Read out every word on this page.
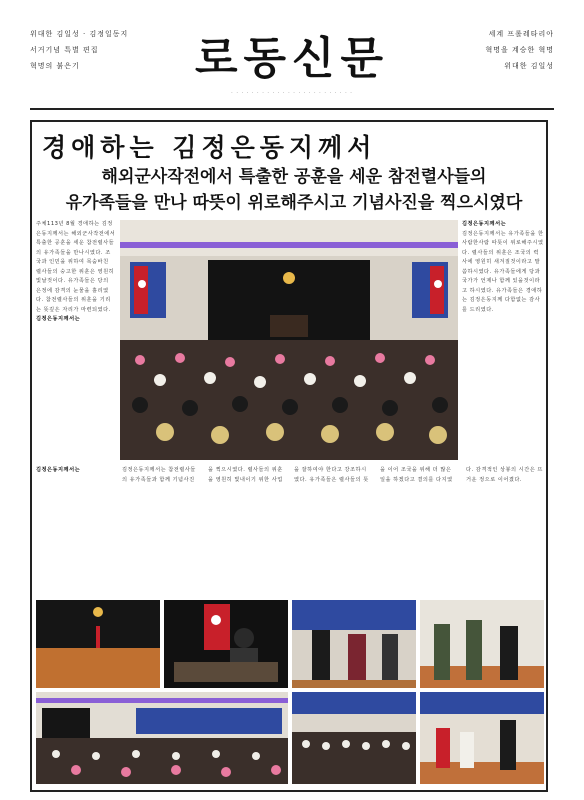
위대한 김일성 · 김정일동지
서거기념 특별 편집
혁명의 붉은기	로동신문
· · · · · · · · · · · · · · · · · · · · · · · ·
세계 프롤레타리아
혁명을 계승한 혁명
위대한 김일성
경애하는 김정은동지께서
해외군사작전에서 특출한 공훈을 세운 참전렬사들의
유가족들을 만나 따뜻이 위로해주시고 기념사진을 찍으시였다

주체113년 8월 경애하는 김정은동지께서는 해외군사작전에서 특출한 공훈을 세운 참전렬사들의 유가족들을 만나시였다. 조국과 인민을 위하여 목숨바친 렬사들의 숭고한 위훈은 영원히 빛날것이다. 유가족들은 당의 은정에 감격의 눈물을 흘리였다. 참전렬사들의 위훈을 기리는 뜻깊은 자리가 마련되였다.

김정은동지께서는

김정은동지께서는

김정은동지께서는 유가족들을 한사람한사람 따뜻이 위로해주시였다. 렬사들의 위훈은 조국의 력사에 영원히 새겨질것이라고 말씀하시였다. 유가족들에게 당과 국가가 언제나 함께 있을것이라고 하시였다. 유가족들은 경애하는 김정은동지께 다함없는 감사를 드리였다.

김정은동지께서는	김정은동지께서는 참전렬사들의 유가족들과 함께 기념사진을 찍으시였다. 렬사들의 위훈을 영원히 빛내이기 위한 사업을 잘하여야 한다고 강조하시였다. 유가족들은 렬사들의 뜻을 이어 조국을 위해 더 많은 일을 하겠다고 결의를 다지였다. 감격적인 상봉의 시간은 뜨거운 정으로 이어졌다.
